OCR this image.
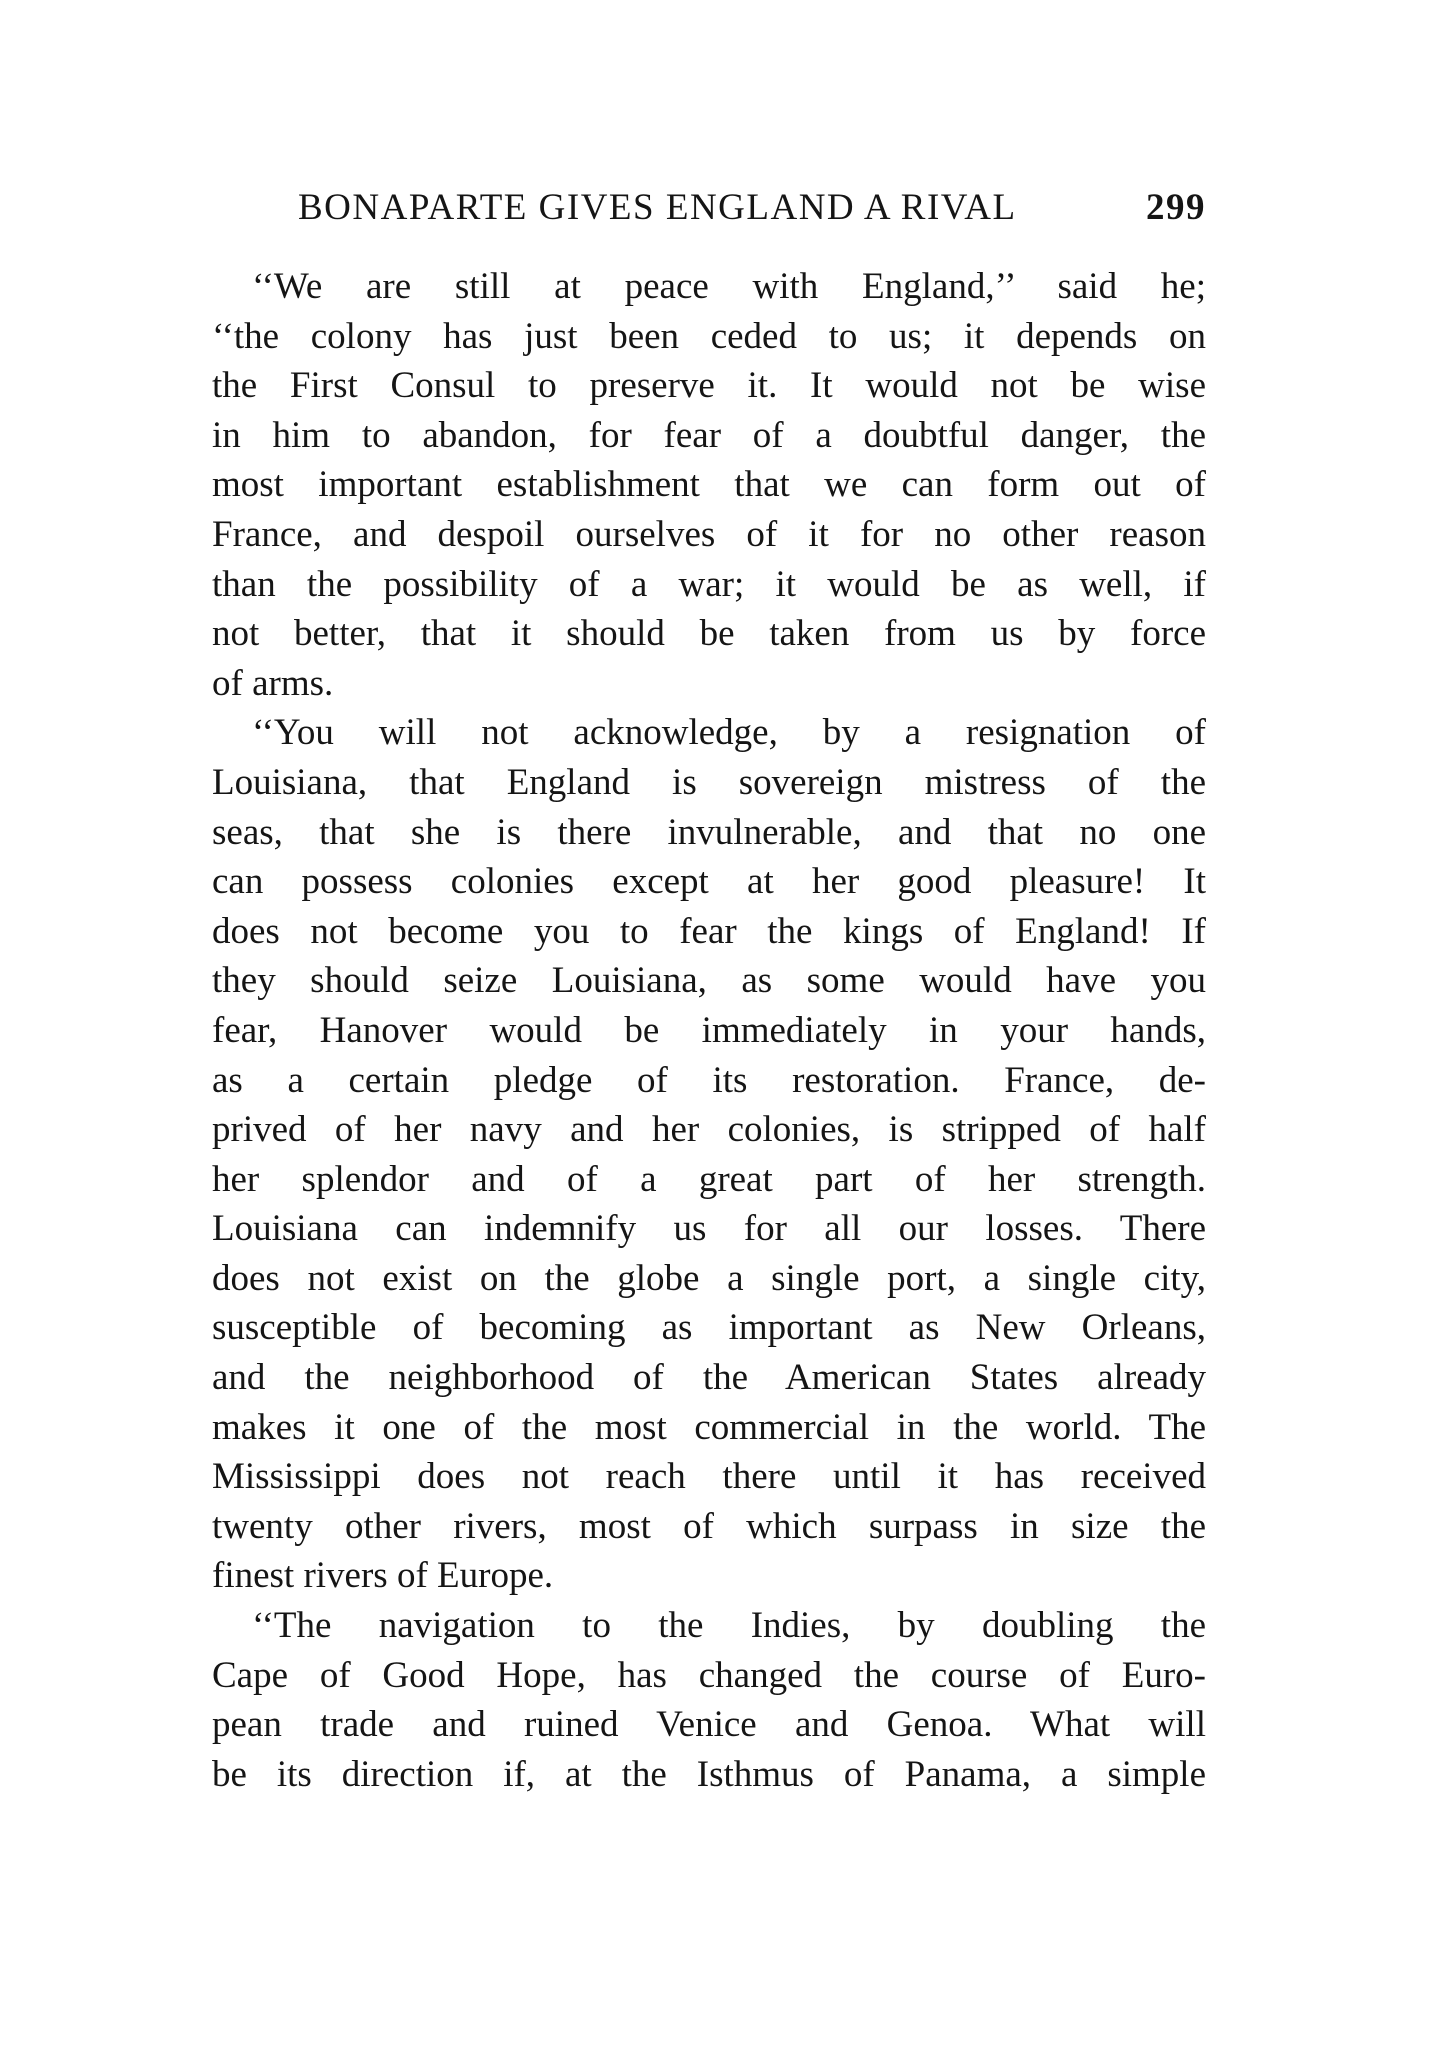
BONAPARTE GIVES ENGLAND A RIVAL	299

‘‘We are still at peace with England,’’ said he;
‘‘the colony has just been ceded to us; it depends on
the First Consul to preserve it. It would not be wise
in him to abandon, for fear of a doubtful danger, the
most important establishment that we can form out of
France, and despoil ourselves of it for no other reason
than the possibility of a war; it would be as well, if
not better, that it should be taken from us by force
of arms.

‘‘You will not acknowledge, by a resignation of
Louisiana, that England is sovereign mistress of the
seas, that she is there invulnerable, and that no one
can possess colonies except at her good pleasure! It
does not become you to fear the kings of England! If
they should seize Louisiana, as some would have you
fear, Hanover would be immediately in your hands,
as a certain pledge of its restoration. France, de-
prived of her navy and her colonies, is stripped of half
her splendor and of a great part of her strength.
Louisiana can indemnify us for all our losses. There
does not exist on the globe a single port, a single city,
susceptible of becoming as important as New Orleans,
and the neighborhood of the American States already
makes it one of the most commercial in the world. The
Mississippi does not reach there until it has received
twenty other rivers, most of which surpass in size the
finest rivers of Europe.

‘‘The navigation to the Indies, by doubling the
Cape of Good Hope, has changed the course of Euro-
pean trade and ruined Venice and Genoa. What will
be its direction if, at the Isthmus of Panama, a simple
